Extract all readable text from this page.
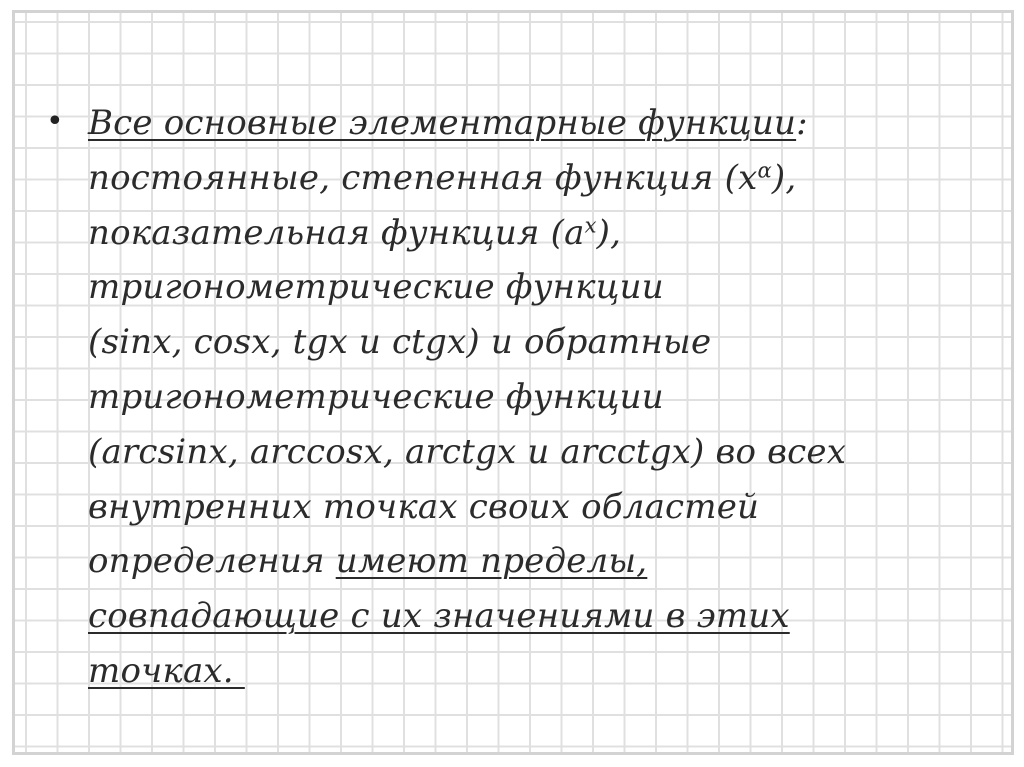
• Все основные элементарные функции:
постоянные, степенная функция $(x^\alpha)$,
показательная функция $(a^x)$,
тригонометрические функции
(sinx, cosx, tgx и ctgx) и обратные
тригонометрические функции
(arcsinx, arccosx, arctgx и arcctgx) во всех
внутренних точках своих областей
определения имеют пределы,
совпадающие с их значениями в этих
точках.
